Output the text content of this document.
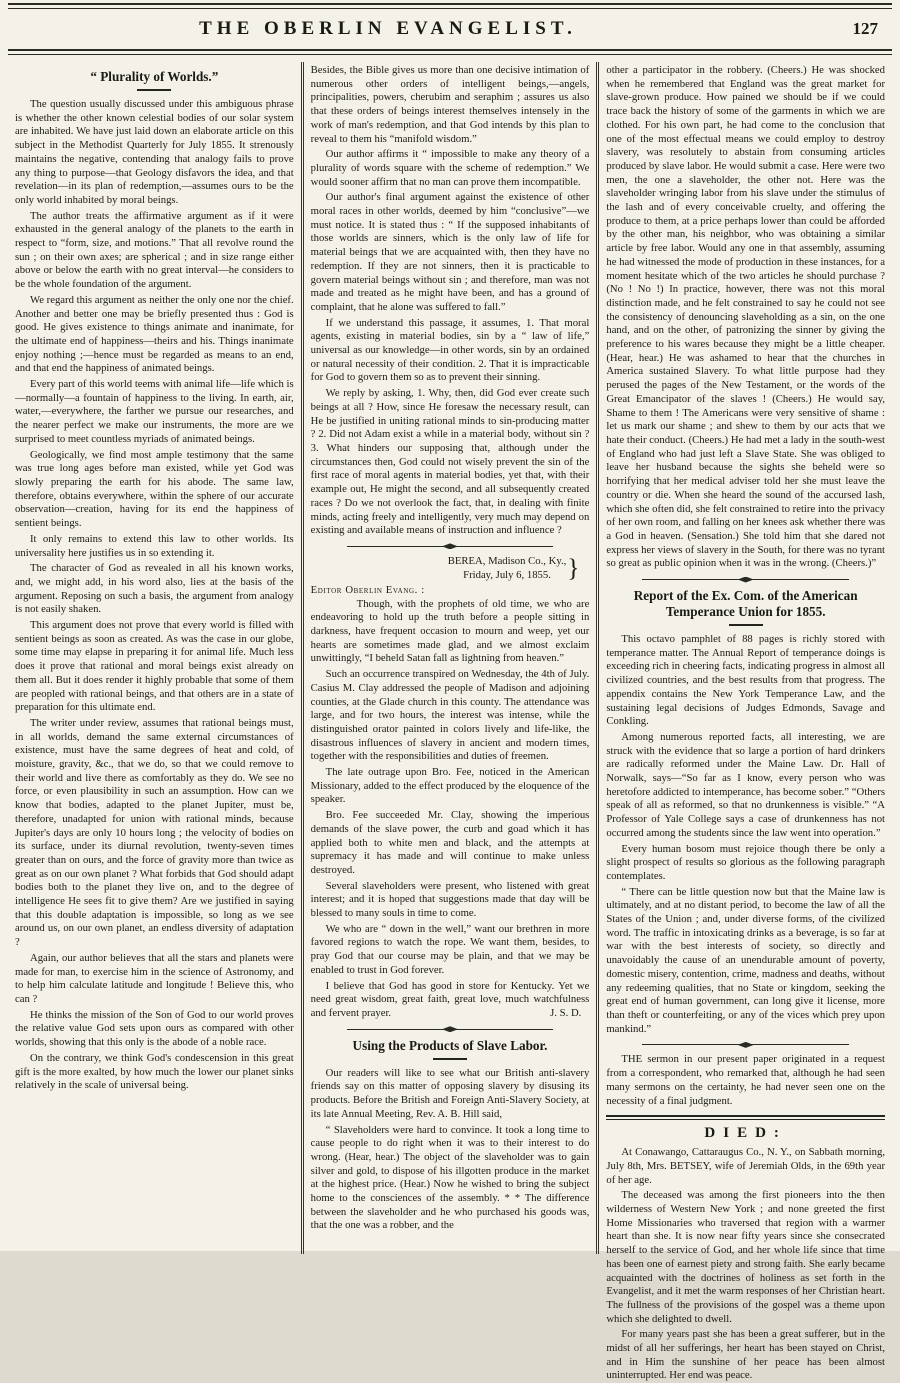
THE OBERLIN EVANGELIST.	127
“ Plurality of Worlds.”

The question usually discussed under this ambiguous phrase is whether the other known celestial bodies of our solar system are inhabited. We have just laid down an elaborate article on this subject in the Methodist Quarterly for July 1855. It strenously maintains the negative, contending that analogy fails to prove any thing to purpose—that Geology disfavors the idea, and that revelation—in its plan of redemption,—assumes ours to be the only world inhabited by moral beings.

The author treats the affirmative argument as if it were exhausted in the general analogy of the planets to the earth in respect to “form, size, and motions.” That all revolve round the sun ; on their own axes; are spherical ; and in size range either above or below the earth with no great interval—he considers to be the whole foundation of the argument.

We regard this argument as neither the only one nor the chief. Another and better one may be briefly presented thus : God is good. He gives existence to things animate and inanimate, for the ultimate end of happiness—theirs and his. Things inanimate enjoy nothing ;—hence must be regarded as means to an end, and that end the happiness of animated beings.

Every part of this world teems with animal life—life which is—normally—a fountain of happiness to the living. In earth, air, water,—everywhere, the farther we pursue our researches, and the nearer perfect we make our instruments, the more are we surprised to meet countless myriads of animated beings.

Geologically, we find most ample testimony that the same was true long ages before man existed, while yet God was slowly preparing the earth for his abode. The same law, therefore, obtains everywhere, within the sphere of our accurate observation—creation, having for its end the happiness of sentient beings.

It only remains to extend this law to other worlds. Its universality here justifies us in so extending it.

The character of God as revealed in all his known works, and, we might add, in his word also, lies at the basis of the argument. Reposing on such a basis, the argument from analogy is not easily shaken.

This argument does not prove that every world is filled with sentient beings as soon as created. As was the case in our globe, some time may elapse in preparing it for animal life. Much less does it prove that rational and moral beings exist already on them all. But it does render it highly probable that some of them are peopled with rational beings, and that others are in a state of preparation for this ultimate end.

The writer under review, assumes that rational beings must, in all worlds, demand the same external circumstances of existence, must have the same degrees of heat and cold, of moisture, gravity, &c., that we do, so that we could remove to their world and live there as comfortably as they do. We see no force, or even plausibility in such an assumption. How can we know that bodies, adapted to the planet Jupiter, must be, therefore, unadapted for union with rational minds, because Jupiter's days are only 10 hours long ; the velocity of bodies on its surface, under its diurnal revolution, twenty-seven times greater than on ours, and the force of gravity more than twice as great as on our own planet ? What forbids that God should adapt bodies both to the planet they live on, and to the degree of intelligence He sees fit to give them? Are we justified in saying that this double adaptation is impossible, so long as we see around us, on our own planet, an endless diversity of adaptation ?

Again, our author believes that all the stars and planets were made for man, to exercise him in the science of Astronomy, and to help him calculate latitude and longitude ! Believe this, who can ?

He thinks the mission of the Son of God to our world proves the relative value God sets upon ours as compared with other worlds, showing that this only is the abode of a noble race.

On the contrary, we think God's condescension in this great gift is the more exalted, by how much the lower our planet sinks relatively in the scale of universal being.

Besides, the Bible gives us more than one decisive intimation of numerous other orders of intelligent beings,—angels, principalities, powers, cherubim and seraphim ; assures us also that these orders of beings interest themselves intensely in the work of man's redemption, and that God intends by this plan to reveal to them his “manifold wisdom.”

Our author affirms it “ impossible to make any theory of a plurality of words square with the scheme of redemption.” We would sooner affirm that no man can prove them incompatible.

Our author's final argument against the existence of other moral races in other worlds, deemed by him “conclusive”—we must notice. It is stated thus : “ If the supposed inhabitants of those worlds are sinners, which is the only law of life for material beings that we are acquainted with, then they have no redemption. If they are not sinners, then it is practicable to govern material beings without sin ; and therefore, man was not made and treated as he might have been, and has a ground of complaint, that he alone was suffered to fall.”

If we understand this passage, it assumes, 1. That moral agents, existing in material bodies, sin by a “ law of life,” universal as our knowledge—in other words, sin by an ordained or natural necessity of their condition. 2. That it is impracticable for God to govern them so as to prevent their sinning.

We reply by asking, 1. Why, then, did God ever create such beings at all ? How, since He foresaw the necessary result, can He be justified in uniting rational minds to sin-producing matter ? 2. Did not Adam exist a while in a material body, without sin ? 3. What hinders our supposing that, although under the circumstances then, God could not wisely prevent the sin of the first race of moral agents in material bodies, yet that, with their example out, He might the second, and all subsequently created races ? Do we not overlook the fact, that, in dealing with finite minds, acting freely and intelligently, very much may depend on existing and available means of instruction and influence ?

BEREA, Madison Co., Ky.,
Friday, July 6, 1855. }

Editor Oberlin Evang. :

Though, with the prophets of old time, we who are endeavoring to hold up the truth before a people sitting in darkness, have frequent occasion to mourn and weep, yet our hearts are sometimes made glad, and we almost exclaim unwittingly, “I beheld Satan fall as lightning from heaven.”

Such an occurrence transpired on Wednesday, the 4th of July. Casius M. Clay addressed the people of Madison and adjoining counties, at the Glade church in this county. The attendance was large, and for two hours, the interest was intense, while the distinguished orator painted in colors lively and life-like, the disastrous influences of slavery in ancient and modern times, together with the responsibilities and duties of freemen.

The late outrage upon Bro. Fee, noticed in the American Missionary, added to the effect produced by the eloquence of the speaker.

Bro. Fee succeeded Mr. Clay, showing the imperious demands of the slave power, the curb and goad which it has applied both to white men and black, and the attempts at supremacy it has made and will continue to make unless destroyed.

Several slaveholders were present, who listened with great interest; and it is hoped that suggestions made that day will be blessed to many souls in time to come.

We who are “ down in the well,” want our brethren in more favored regions to watch the rope. We want them, besides, to pray God that our course may be plain, and that we may be enabled to trust in God forever.

I believe that God has good in store for Kentucky. Yet we need great wisdom, great faith, great love, much watchfulness and fervent prayer.	J. S. D.

Using the Products of Slave Labor.

Our readers will like to see what our British anti-slavery friends say on this matter of opposing slavery by disusing its products. Before the British and Foreign Anti-Slavery Society, at its late Annual Meeting, Rev. A. B. Hill said,

“ Slaveholders were hard to convince. It took a long time to cause people to do right when it was to their interest to do wrong. (Hear, hear.) The object of the slaveholder was to gain silver and gold, to dispose of his illgotten produce in the market at the highest price. (Hear.) Now he wished to bring the subject home to the consciences of the assembly. * * The difference between the slaveholder and he who purchased his goods was, that the one was a robber, and the

other a participator in the robbery. (Cheers.) He was shocked when he remembered that England was the great market for slave-grown produce. How pained we should be if we could trace back the history of some of the garments in which we are clothed. For his own part, he had come to the conclusion that one of the most effectual means we could employ to destroy slavery, was resolutely to abstain from consuming articles produced by slave labor. He would submit a case. Here were two men, the one a slaveholder, the other not. Here was the slaveholder wringing labor from his slave under the stimulus of the lash and of every conceivable cruelty, and offering the produce to them, at a price perhaps lower than could be afforded by the other man, his neighbor, who was obtaining a similar article by free labor. Would any one in that assembly, assuming he had witnessed the mode of production in these instances, for a moment hesitate which of the two articles he should purchase ? (No ! No !) In practice, however, there was not this moral distinction made, and he felt constrained to say he could not see the consistency of denouncing slaveholding as a sin, on the one hand, and on the other, of patronizing the sinner by giving the preference to his wares because they might be a little cheaper. (Hear, hear.) He was ashamed to hear that the churches in America sustained Slavery. To what little purpose had they perused the pages of the New Testament, or the words of the Great Emancipator of the slaves ! (Cheers.) He would say, Shame to them ! The Americans were very sensitive of shame : let us mark our shame ; and shew to them by our acts that we hate their conduct. (Cheers.) He had met a lady in the south-west of England who had just left a Slave State. She was obliged to leave her husband because the sights she beheld were so horrifying that her medical adviser told her she must leave the country or die. When she heard the sound of the accursed lash, which she often did, she felt constrained to retire into the privacy of her own room, and falling on her knees ask whether there was a God in heaven. (Sensation.) She told him that she dared not express her views of slavery in the South, for there was no tyrant so great as public opinion when it was in the wrong. (Cheers.)”

Report of the Ex. Com. of the American Temperance Union for 1855.

This octavo pamphlet of 88 pages is richly stored with temperance matter. The Annual Report of temperance doings is exceeding rich in cheering facts, indicating progress in almost all civilized countries, and the best results from that progress. The appendix contains the New York Temperance Law, and the sustaining legal decisions of Judges Edmonds, Savage and Conkling.

Among numerous reported facts, all interesting, we are struck with the evidence that so large a portion of hard drinkers are radically reformed under the Maine Law. Dr. Hall of Norwalk, says—“So far as I know, every person who was heretofore addicted to intemperance, has become sober.” “Others speak of all as reformed, so that no drunkenness is visible.” “A Professor of Yale College says a case of drunkenness has not occurred among the students since the law went into operation.”

Every human bosom must rejoice though there be only a slight prospect of results so glorious as the following paragraph contemplates.

“ There can be little question now but that the Maine law is ultimately, and at no distant period, to become the law of all the States of the Union ; and, under diverse forms, of the civilized word. The traffic in intoxicating drinks as a beverage, is so far at war with the best interests of society, so directly and unavoidably the cause of an unendurable amount of poverty, domestic misery, contention, crime, madness and deaths, without any redeeming qualities, that no State or kingdom, seeking the great end of human government, can long give it license, more than theft or counterfeiting, or any of the vices which prey upon mankind.”

THE sermon in our present paper originated in a request from a correspondent, who remarked that, although he had seen many sermons on the certainty, he had never seen one on the necessity of a final judgment.

DIED:

At Conawango, Cattaraugus Co., N. Y., on Sabbath morning, July 8th, Mrs. BETSEY, wife of Jeremiah Olds, in the 69th year of her age.

The deceased was among the first pioneers into the then wilderness of Western New York ; and none greeted the first Home Missionaries who traversed that region with a warmer heart than she. It is now near fifty years since she consecrated herself to the service of God, and her whole life since that time has been one of earnest piety and strong faith. She early became acquainted with the doctrines of holiness as set forth in the Evangelist, and it met the warm responses of her Christian heart. The fullness of the provisions of the gospel was a theme upon which she delighted to dwell.

For many years past she has been a great sufferer, but in the midst of all her sufferings, her heart has been stayed on Christ, and in Him the sunshine of her peace has been almost uninterrupted. Her end was peace.
